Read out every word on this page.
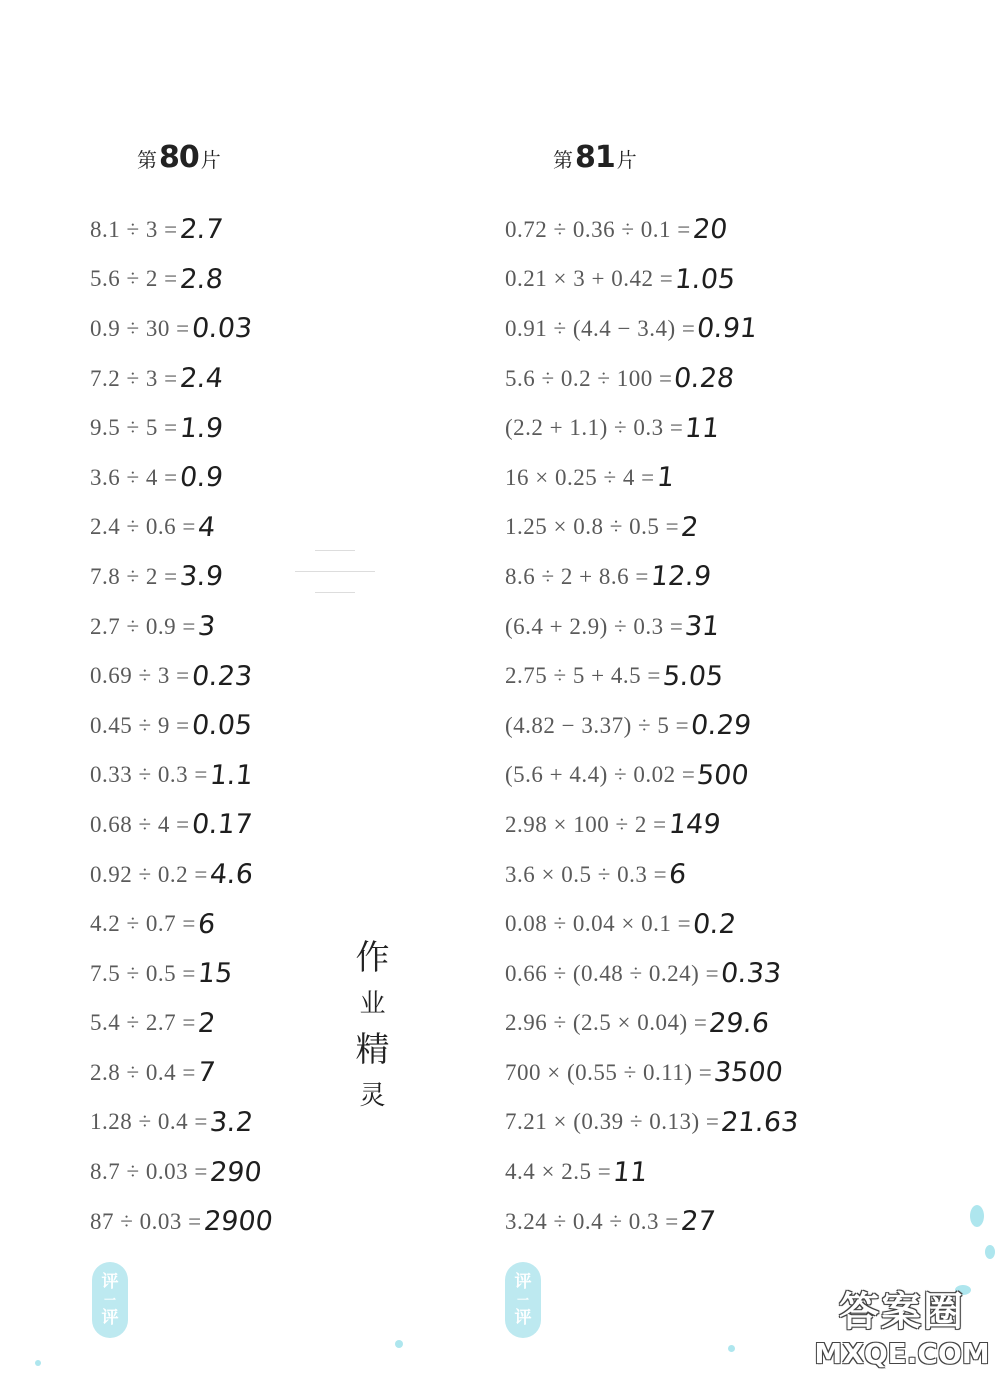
第 80 片	第 81 片
8.1 ÷ 3 = 2.7
5.6 ÷ 2 = 2.8
0.9 ÷ 30 = 0.03
7.2 ÷ 3 = 2.4
9.5 ÷ 5 = 1.9
3.6 ÷ 4 = 0.9
2.4 ÷ 0.6 = 4
7.8 ÷ 2 = 3.9
2.7 ÷ 0.9 = 3
0.69 ÷ 3 = 0.23
0.45 ÷ 9 = 0.05
0.33 ÷ 0.3 = 1.1
0.68 ÷ 4 = 0.17
0.92 ÷ 0.2 = 4.6
4.2 ÷ 0.7 = 6
7.5 ÷ 0.5 = 15
5.4 ÷ 2.7 = 2
2.8 ÷ 0.4 = 7
1.28 ÷ 0.4 = 3.2
8.7 ÷ 0.03 = 290
87 ÷ 0.03 = 2900
0.72 ÷ 0.36 ÷ 0.1 = 20
0.21 × 3 + 0.42 = 1.05
0.91 ÷ (4.4 − 3.4) = 0.91
5.6 ÷ 0.2 ÷ 100 = 0.28
(2.2 + 1.1) ÷ 0.3 = 11
16 × 0.25 ÷ 4 = 1
1.25 × 0.8 ÷ 0.5 = 2
8.6 ÷ 2 + 8.6 = 12.9
(6.4 + 2.9) ÷ 0.3 = 31
2.75 ÷ 5 + 4.5 = 5.05
(4.82 − 3.37) ÷ 5 = 0.29
(5.6 + 4.4) ÷ 0.02 = 500
2.98 × 100 ÷ 2 = 149
3.6 × 0.5 ÷ 0.3 = 6
0.08 ÷ 0.04 × 0.1 = 0.2
0.66 ÷ (0.48 ÷ 0.24) = 0.33
2.96 ÷ (2.5 × 0.04) = 29.6
700 × (0.55 ÷ 0.11) = 3500
7.21 × (0.39 ÷ 0.13) = 21.63
4.4 × 2.5 = 11
3.24 ÷ 0.4 ÷ 0.3 = 27
作
业
精
灵
评
一
评
评
一
评	答案圈
MXQE.COM
